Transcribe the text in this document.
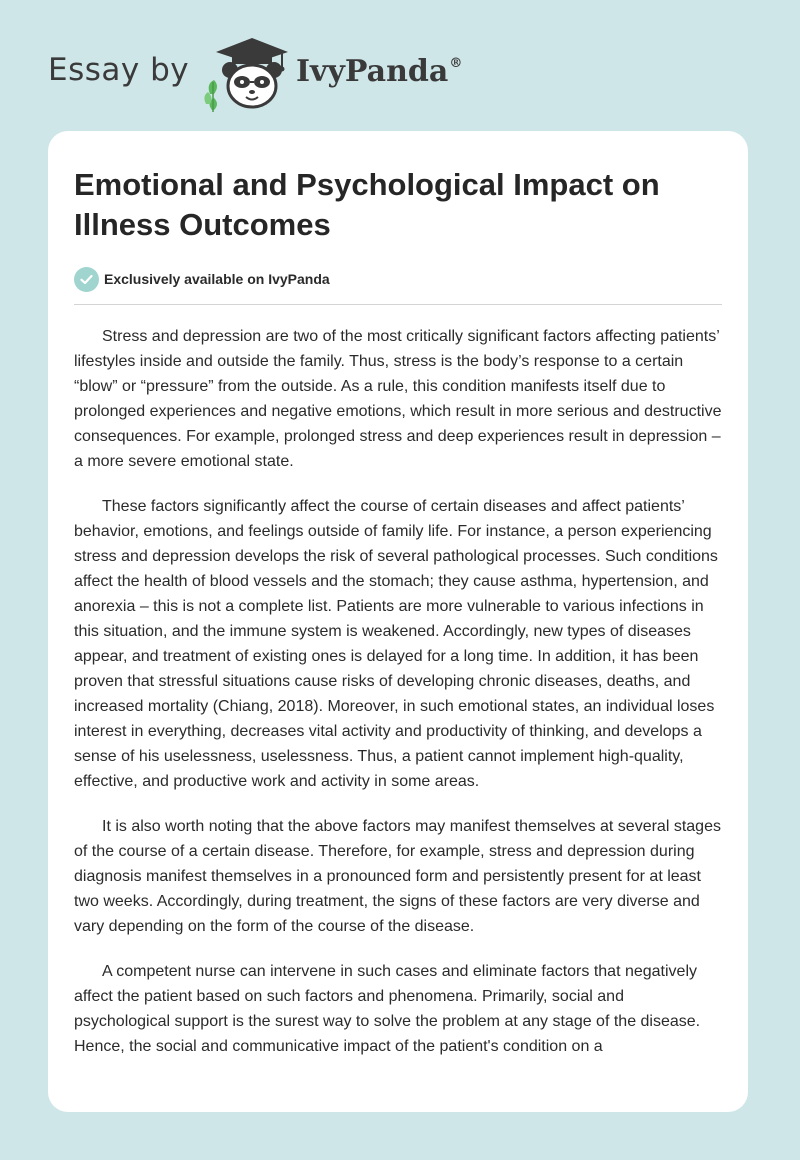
Essay by	IvyPanda®
Emotional and Psychological Impact on Illness Outcomes
Exclusively available on IvyPanda

Stress and depression are two of the most critically significant factors affecting patients’ lifestyles inside and outside the family. Thus, stress is the body’s response to a certain “blow” or “pressure” from the outside. As a rule, this condition manifests itself due to prolonged experiences and negative emotions, which result in more serious and destructive consequences. For example, prolonged stress and deep experiences result in depression – a more severe emotional state.

These factors significantly affect the course of certain diseases and affect patients’ behavior, emotions, and feelings outside of family life. For instance, a person experiencing stress and depression develops the risk of several pathological processes. Such conditions affect the health of blood vessels and the stomach; they cause asthma, hypertension, and anorexia – this is not a complete list. Patients are more vulnerable to various infections in this situation, and the immune system is weakened. Accordingly, new types of diseases appear, and treatment of existing ones is delayed for a long time. In addition, it has been proven that stressful situations cause risks of developing chronic diseases, deaths, and increased mortality (Chiang, 2018). Moreover, in such emotional states, an individual loses interest in everything, decreases vital activity and productivity of thinking, and develops a sense of his uselessness, uselessness. Thus, a patient cannot implement high-quality, effective, and productive work and activity in some areas.

It is also worth noting that the above factors may manifest themselves at several stages of the course of a certain disease. Therefore, for example, stress and depression during diagnosis manifest themselves in a pronounced form and persistently present for at least two weeks. Accordingly, during treatment, the signs of these factors are very diverse and vary depending on the form of the course of the disease.

A competent nurse can intervene in such cases and eliminate factors that negatively affect the patient based on such factors and phenomena. Primarily, social and psychological support is the surest way to solve the problem at any stage of the disease. Hence, the social and communicative impact of the patient's condition on a
